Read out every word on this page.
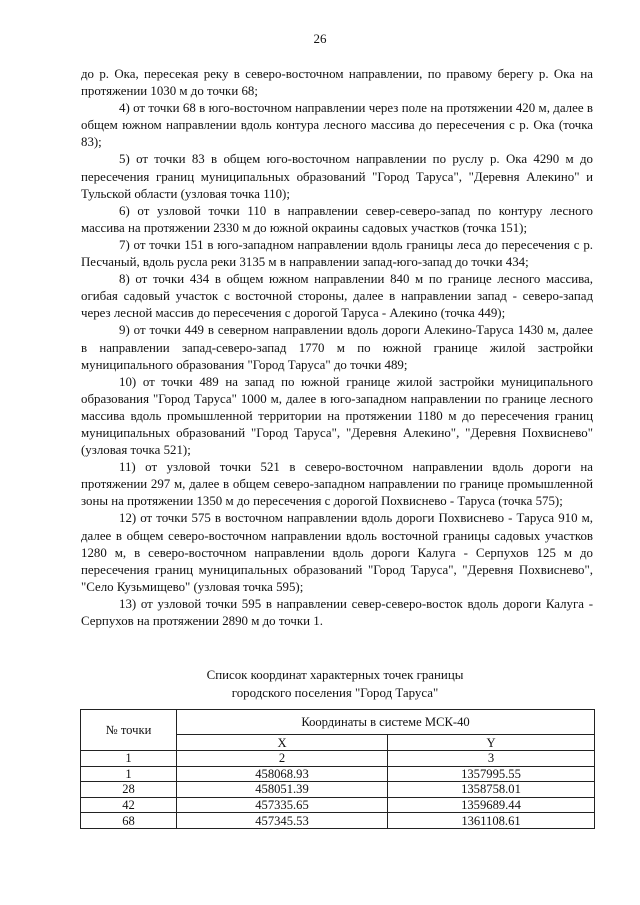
26

до р. Ока, пересекая реку в северо-восточном направлении, по правому берегу р. Ока на протяжении 1030 м до точки 68;

4) от точки 68 в юго-восточном направлении через поле на протяжении 420 м, далее в общем южном направлении вдоль контура лесного массива до пересечения с р. Ока (точка 83);

5) от точки 83 в общем юго-восточном направлении по руслу р. Ока 4290 м до пересечения границ муниципальных образований "Город Таруса", "Деревня Алекино" и Тульской области (узловая точка 110);

6) от узловой точки 110 в направлении север-северо-запад по контуру лесного массива на протяжении 2330 м до южной окраины садовых участков (точка 151);

7) от точки 151 в юго-западном направлении вдоль границы леса до пересечения с р. Песчаный, вдоль русла реки 3135 м в направлении запад-юго-запад до точки 434;

8) от точки 434 в общем южном направлении 840 м по границе лесного массива, огибая садовый участок с восточной стороны, далее в направлении запад - северо-запад через лесной массив до пересечения с дорогой Таруса - Алекино (точка 449);

9) от точки 449 в северном направлении вдоль дороги Алекино-Таруса 1430 м, далее в направлении запад-северо-запад 1770 м по южной границе жилой застройки муниципального образования "Город Таруса" до точки 489;

10) от точки 489 на запад по южной границе жилой застройки муниципального образования "Город Таруса" 1000 м, далее в юго-западном направлении по границе лесного массива вдоль промышленной территории на протяжении 1180 м до пересечения границ муниципальных образований "Город Таруса", "Деревня Алекино", "Деревня Похвиснево" (узловая точка 521);

11) от узловой точки 521 в северо-восточном направлении вдоль дороги на протяжении 297 м, далее в общем северо-западном направлении по границе промышленной зоны на протяжении 1350 м до пересечения с дорогой Похвиснево - Таруса (точка 575);

12) от точки 575 в восточном направлении вдоль дороги Похвиснево - Таруса 910 м, далее в общем северо-восточном направлении вдоль восточной границы садовых участков 1280 м, в северо-восточном направлении вдоль дороги Калуга - Серпухов 125 м до пересечения границ муниципальных образований "Город Таруса", "Деревня Похвиснево", "Село Кузьмищево" (узловая точка 595);

13) от узловой точки 595 в направлении север-северо-восток вдоль дороги Калуга - Серпухов на протяжении 2890 м до точки 1.

Список координат характерных точек границы
городского поселения "Город Таруса"
№ точки	Координаты в системе МСК-40	
	X	Y
1	2	3
1	458068.93	1357995.55
28	458051.39	1358758.01
42	457335.65	1359689.44
68	457345.53	1361108.61
